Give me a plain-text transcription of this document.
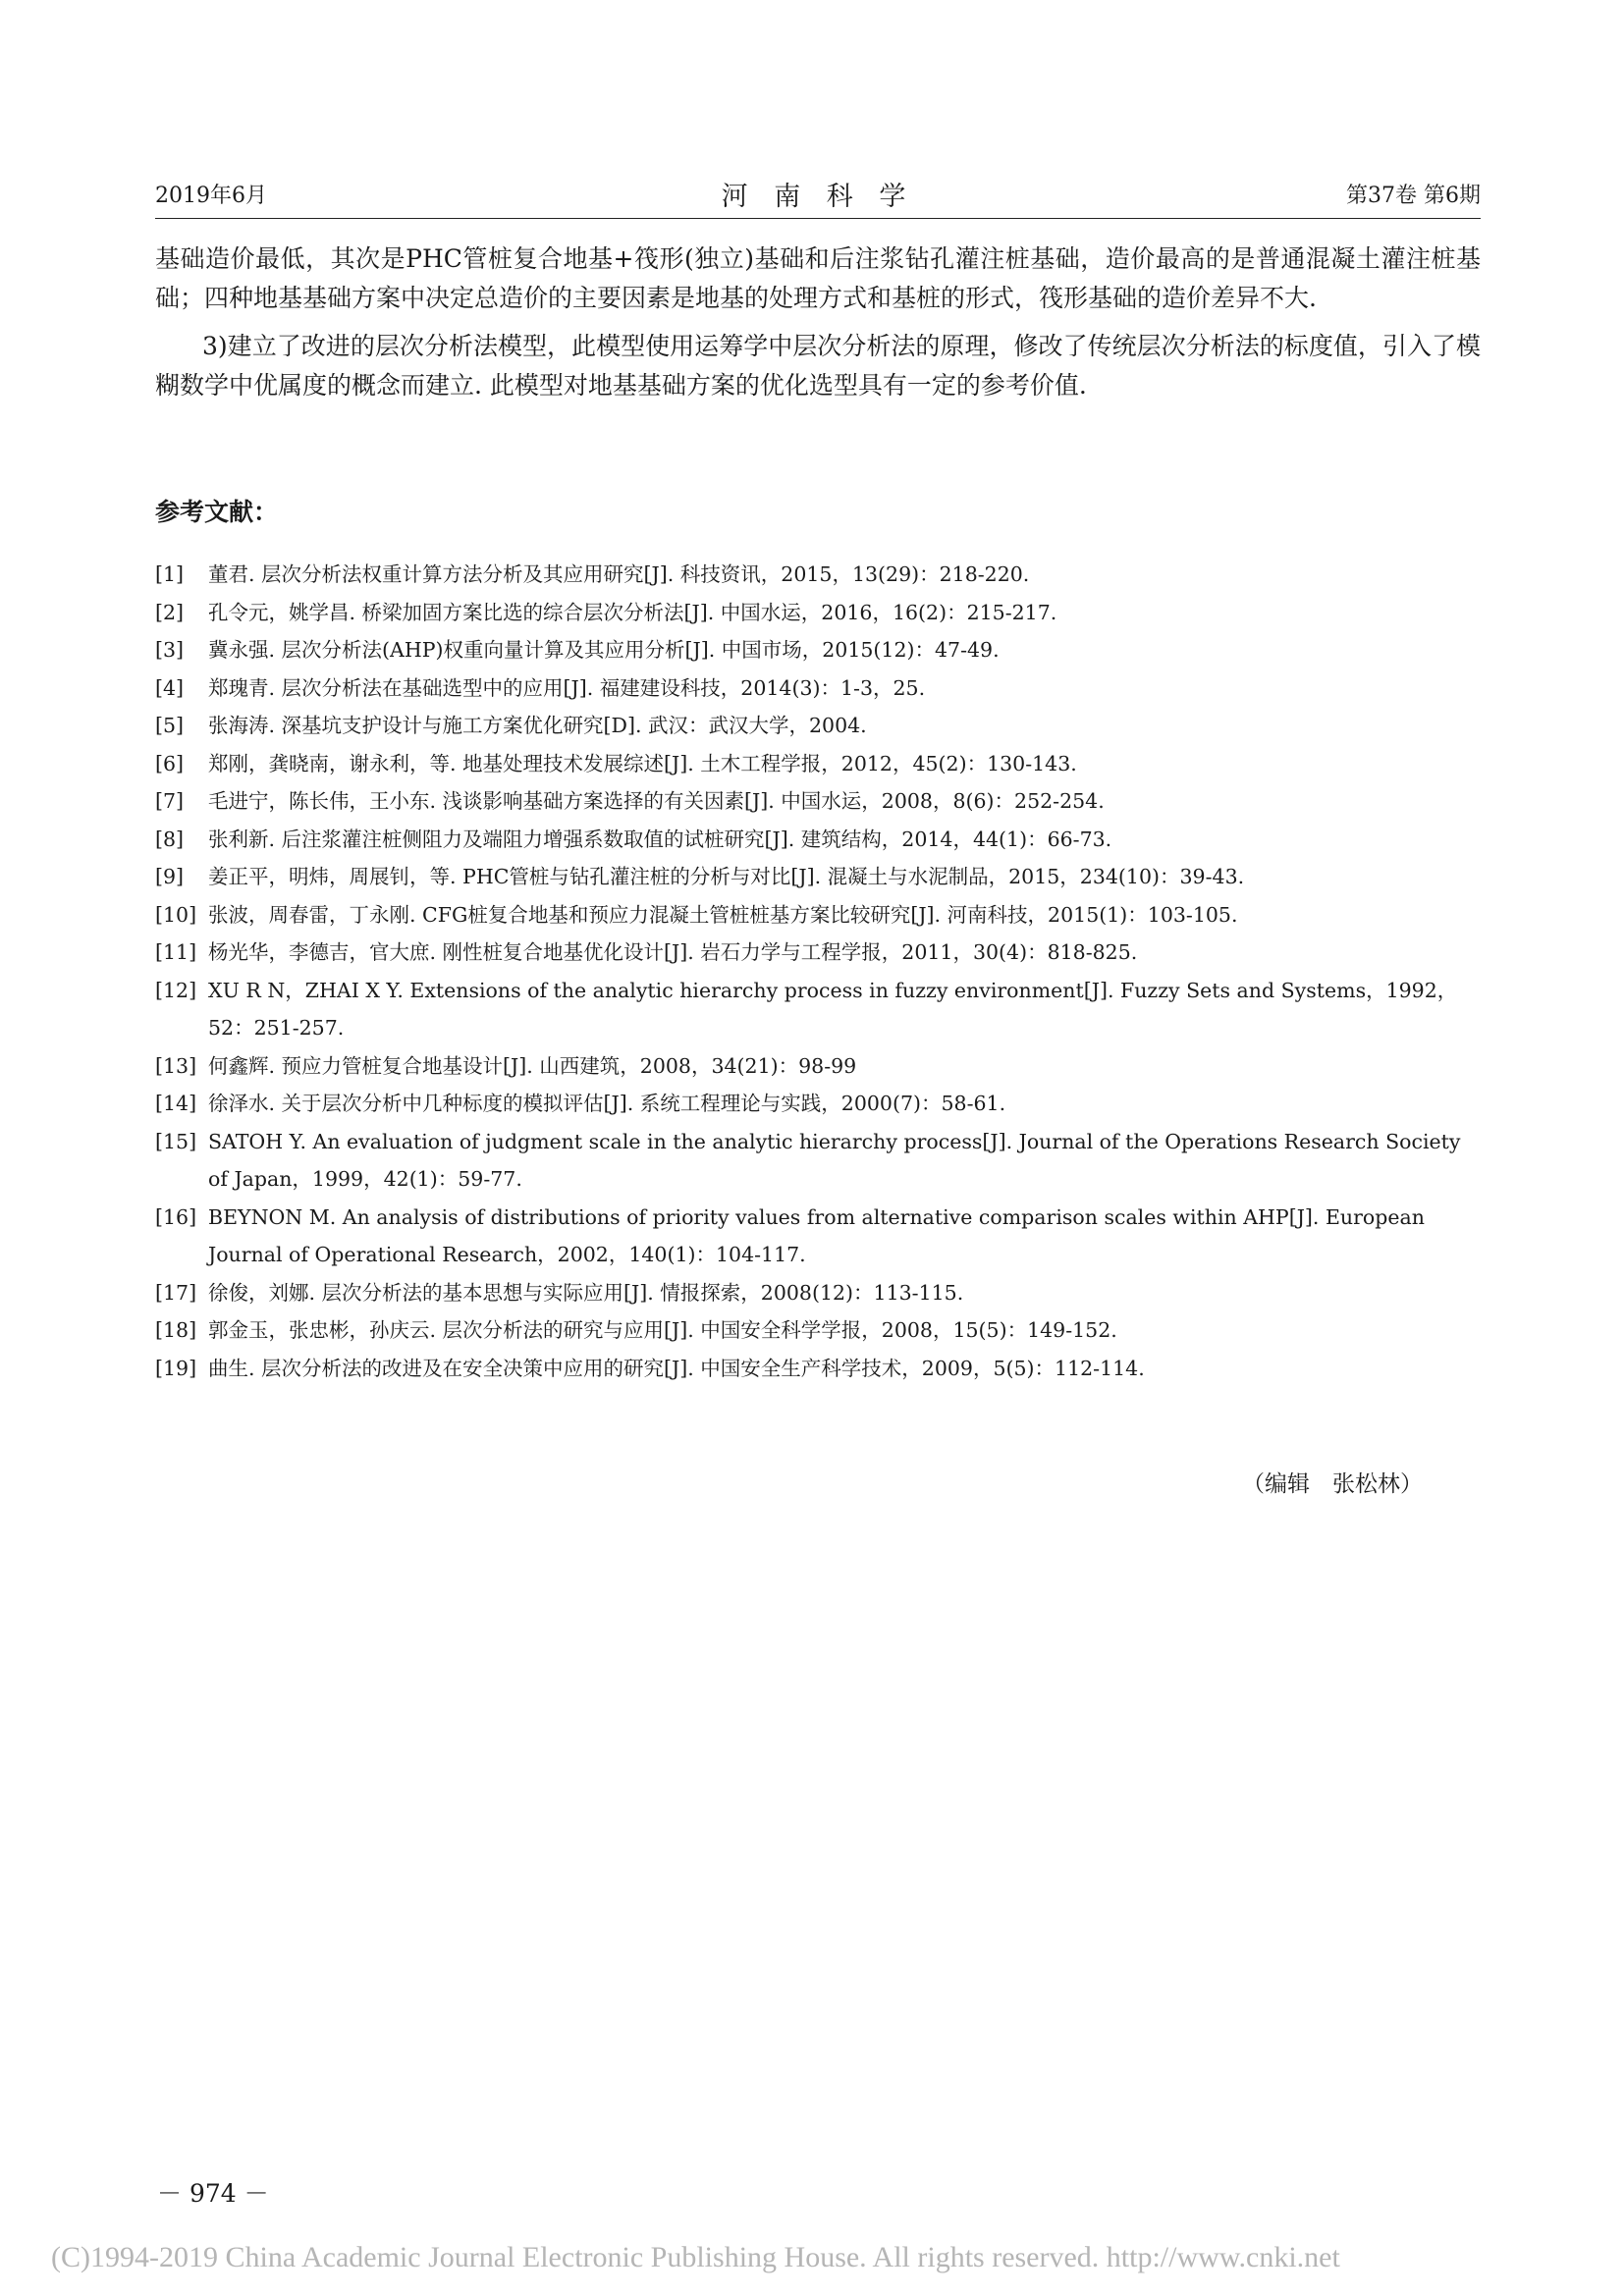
2019年6月	河 南 科 学	第37卷 第6期

基础造价最低，其次是PHC管桩复合地基+筏形(独立)基础和后注浆钻孔灌注桩基础，造价最高的是普通混凝土灌注桩基础；四种地基基础方案中决定总造价的主要因素是地基的处理方式和基桩的形式，筏形基础的造价差异不大.

3)建立了改进的层次分析法模型，此模型使用运筹学中层次分析法的原理，修改了传统层次分析法的标度值，引入了模糊数学中优属度的概念而建立. 此模型对地基基础方案的优化选型具有一定的参考价值.

参考文献：
[1]	董君. 层次分析法权重计算方法分析及其应用研究[J]. 科技资讯，2015，13(29)：218-220.
[2]	孔令元，姚学昌. 桥梁加固方案比选的综合层次分析法[J]. 中国水运，2016，16(2)：215-217.
[3]	冀永强. 层次分析法(AHP)权重向量计算及其应用分析[J]. 中国市场，2015(12)：47-49.
[4]	郑瑰青. 层次分析法在基础选型中的应用[J]. 福建建设科技，2014(3)：1-3，25.
[5]	张海涛. 深基坑支护设计与施工方案优化研究[D]. 武汉：武汉大学，2004.
[6]	郑刚，龚晓南，谢永利，等. 地基处理技术发展综述[J]. 土木工程学报，2012，45(2)：130-143.
[7]	毛进宁，陈长伟，王小东. 浅谈影响基础方案选择的有关因素[J]. 中国水运，2008，8(6)：252-254.
[8]	张利新. 后注浆灌注桩侧阻力及端阻力增强系数取值的试桩研究[J]. 建筑结构，2014，44(1)：66-73.
[9]	姜正平，明炜，周展钊，等. PHC管桩与钻孔灌注桩的分析与对比[J]. 混凝土与水泥制品，2015，234(10)：39-43.
[10] 张波，周春雷，丁永刚. CFG桩复合地基和预应力混凝土管桩桩基方案比较研究[J]. 河南科技，2015(1)：103-105.
[11] 杨光华，李德吉，官大庶. 刚性桩复合地基优化设计[J]. 岩石力学与工程学报，2011，30(4)：818-825.
[12] XU R N，ZHAI X Y. Extensions of the analytic hierarchy process in fuzzy environment[J]. Fuzzy Sets and Systems，1992，52：251-257.
[13] 何鑫辉. 预应力管桩复合地基设计[J]. 山西建筑，2008，34(21)：98-99
[14] 徐泽水. 关于层次分析中几种标度的模拟评估[J]. 系统工程理论与实践，2000(7)：58-61.
[15] SATOH Y. An evaluation of judgment scale in the analytic hierarchy process[J]. Journal of the Operations Research Society of Japan，1999，42(1)：59-77.
[16] BEYNON M. An analysis of distributions of priority values from alternative comparison scales within AHP[J]. European Journal of Operational Research，2002，140(1)：104-117.
[17] 徐俊，刘娜. 层次分析法的基本思想与实际应用[J]. 情报探索，2008(12)：113-115.
[18] 郭金玉，张忠彬，孙庆云. 层次分析法的研究与应用[J]. 中国安全科学学报，2008，15(5)：149-152.
[19] 曲生. 层次分析法的改进及在安全决策中应用的研究[J]. 中国安全生产科学技术，2009，5(5)：112-114.
（编辑　张松林）
－ 974 －
(C)1994-2019 China Academic Journal Electronic Publishing House. All rights reserved. http://www.cnki.net
